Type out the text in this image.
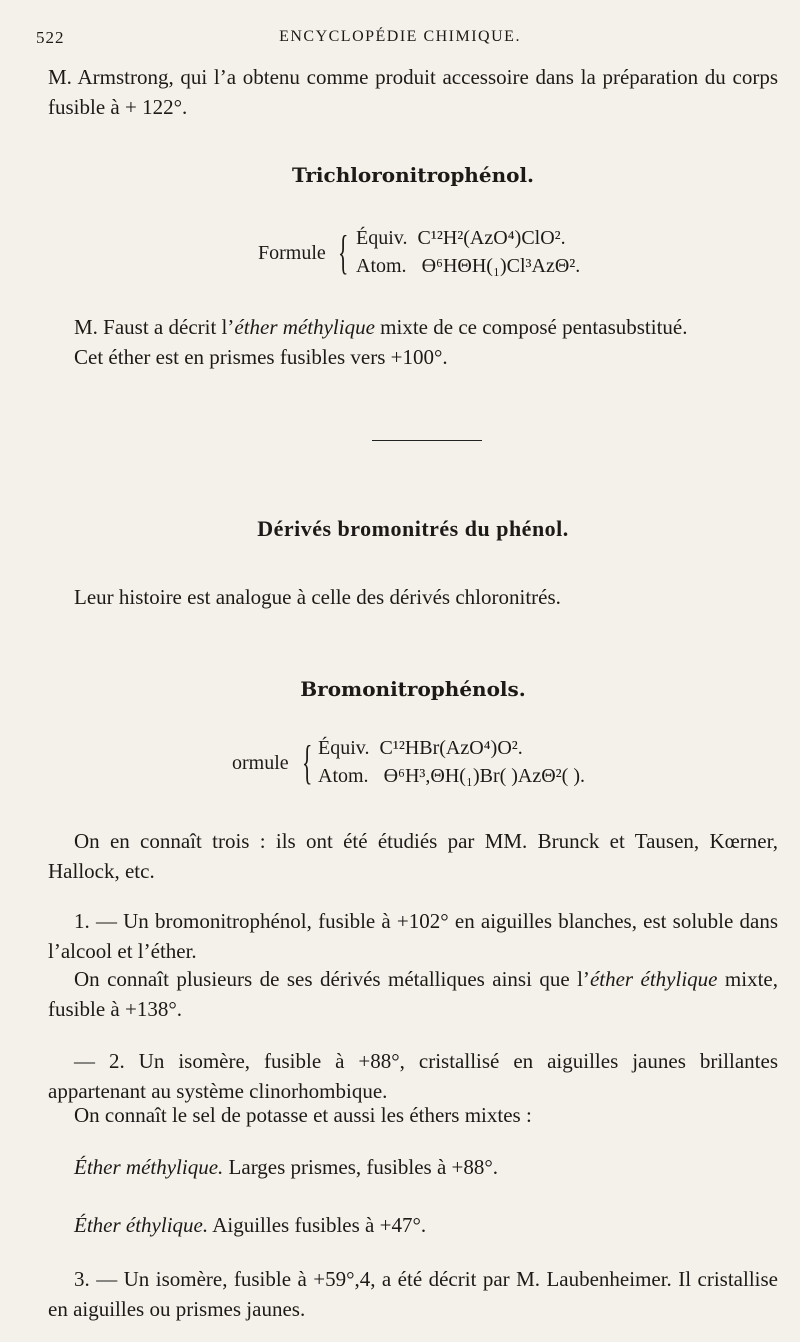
522	ENCYCLOPÉDIE CHIMIQUE.
M. Armstrong, qui l’a obtenu comme produit accessoire dans la préparation du corps fusible à + 122°.
Trichloronitrophénol.
Formule { Équiv. C¹²H²(AzO⁴)ClO².
Atom. Ɵ⁶HΘH(₁)Cl³AzΘ².
M. Faust a décrit l’éther méthylique mixte de ce composé pentasubstitué.
Cet éther est en prismes fusibles vers +100°.
Dérivés bromonitrés du phénol.
Leur histoire est analogue à celle des dérivés chloronitrés.
Bromonitrophénols.
ormule { Équiv. C¹²HBr(AzO⁴)O².
Atom. Ɵ⁶H³,ΘH(₁)Br( )AzΘ²( ).
On en connaît trois : ils ont été étudiés par MM. Brunck et Tausen, Kœrner, Hallock, etc.
1. — Un bromonitrophénol, fusible à +102° en aiguilles blanches, est soluble dans l’alcool et l’éther.
On connaît plusieurs de ses dérivés métalliques ainsi que l’éther éthylique mixte, fusible à +138°.
— 2. Un isomère, fusible à +88°, cristallisé en aiguilles jaunes brillantes appartenant au système clinorhombique.
On connaît le sel de potasse et aussi les éthers mixtes :
Éther méthylique. Larges prismes, fusibles à +88°.
Éther éthylique. Aiguilles fusibles à +47°.
3. — Un isomère, fusible à +59°,4, a été décrit par M. Laubenheimer. Il cristallise en aiguilles ou prismes jaunes.
